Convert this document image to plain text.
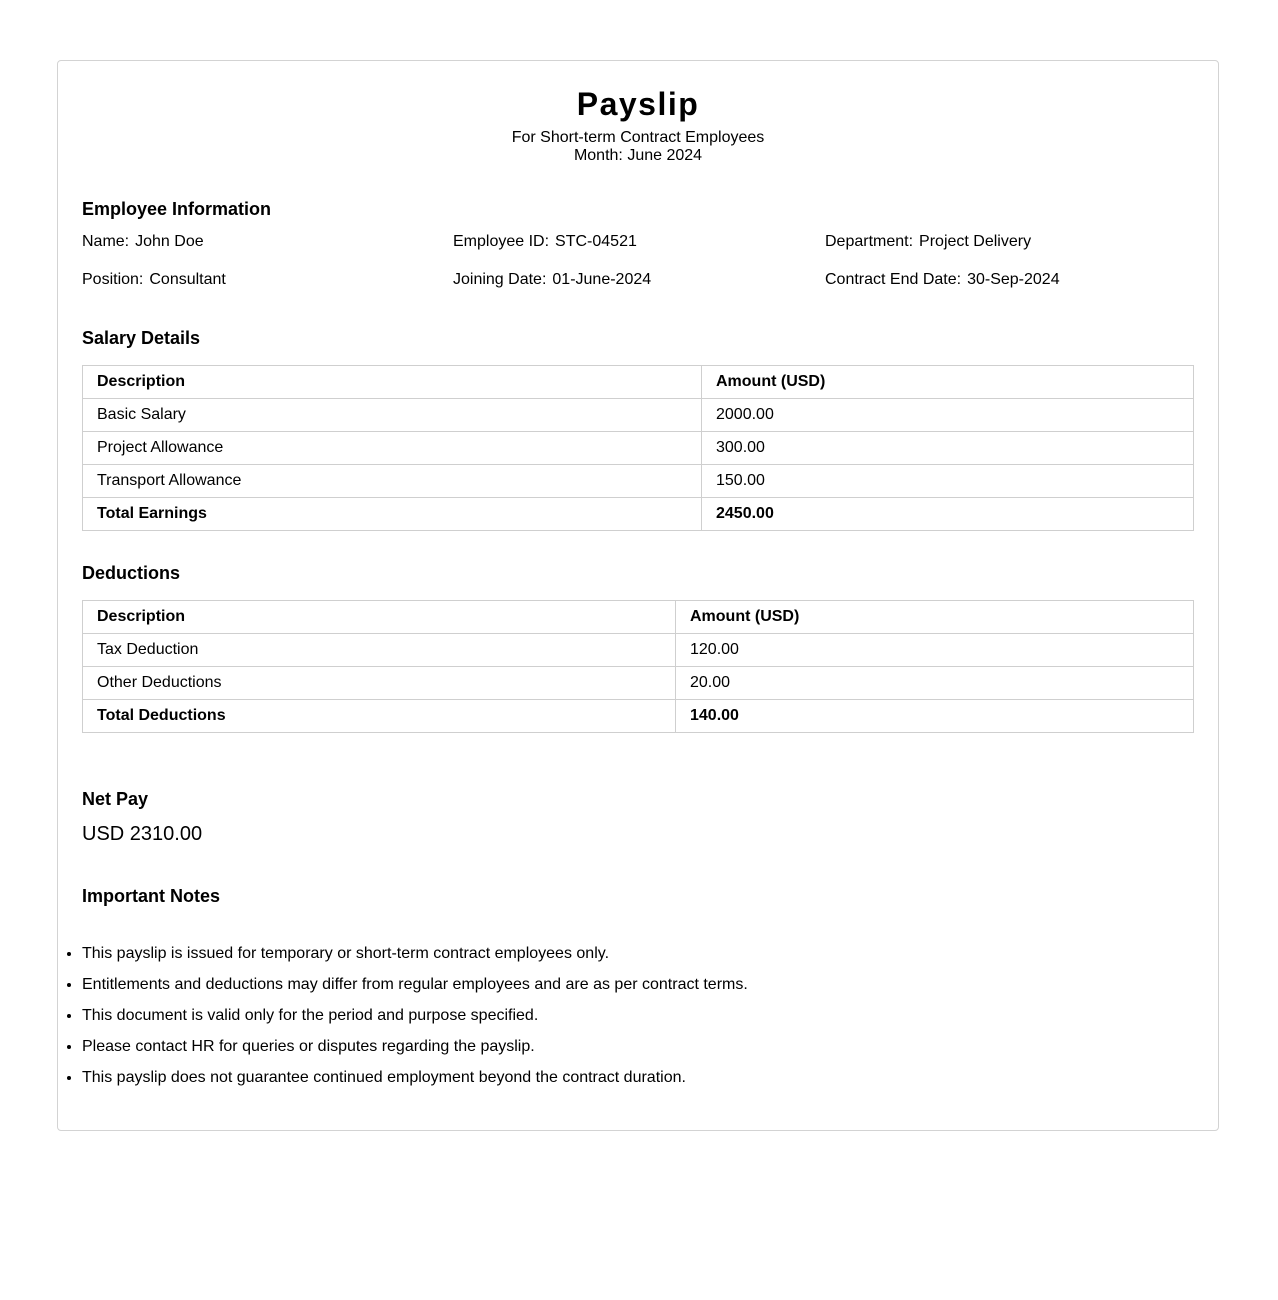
Payslip
For Short-term Contract Employees
Month: June 2024
Employee Information
Name: John Doe	Employee ID: STC-04521	Department: Project Delivery
Position: Consultant	Joining Date: 01-June-2024	Contract End Date: 30-Sep-2024
Salary Details
Description	Amount (USD)
Basic Salary	2000.00
Project Allowance	300.00
Transport Allowance	150.00
Total Earnings	2450.00
Deductions
Description	Amount (USD)
Tax Deduction	120.00
Other Deductions	20.00
Total Deductions	140.00
Net Pay
USD 2310.00
Important Notes
• This payslip is issued for temporary or short-term contract employees only.
• Entitlements and deductions may differ from regular employees and are as per contract terms.
• This document is valid only for the period and purpose specified.
• Please contact HR for queries or disputes regarding the payslip.
• This payslip does not guarantee continued employment beyond the contract duration.
